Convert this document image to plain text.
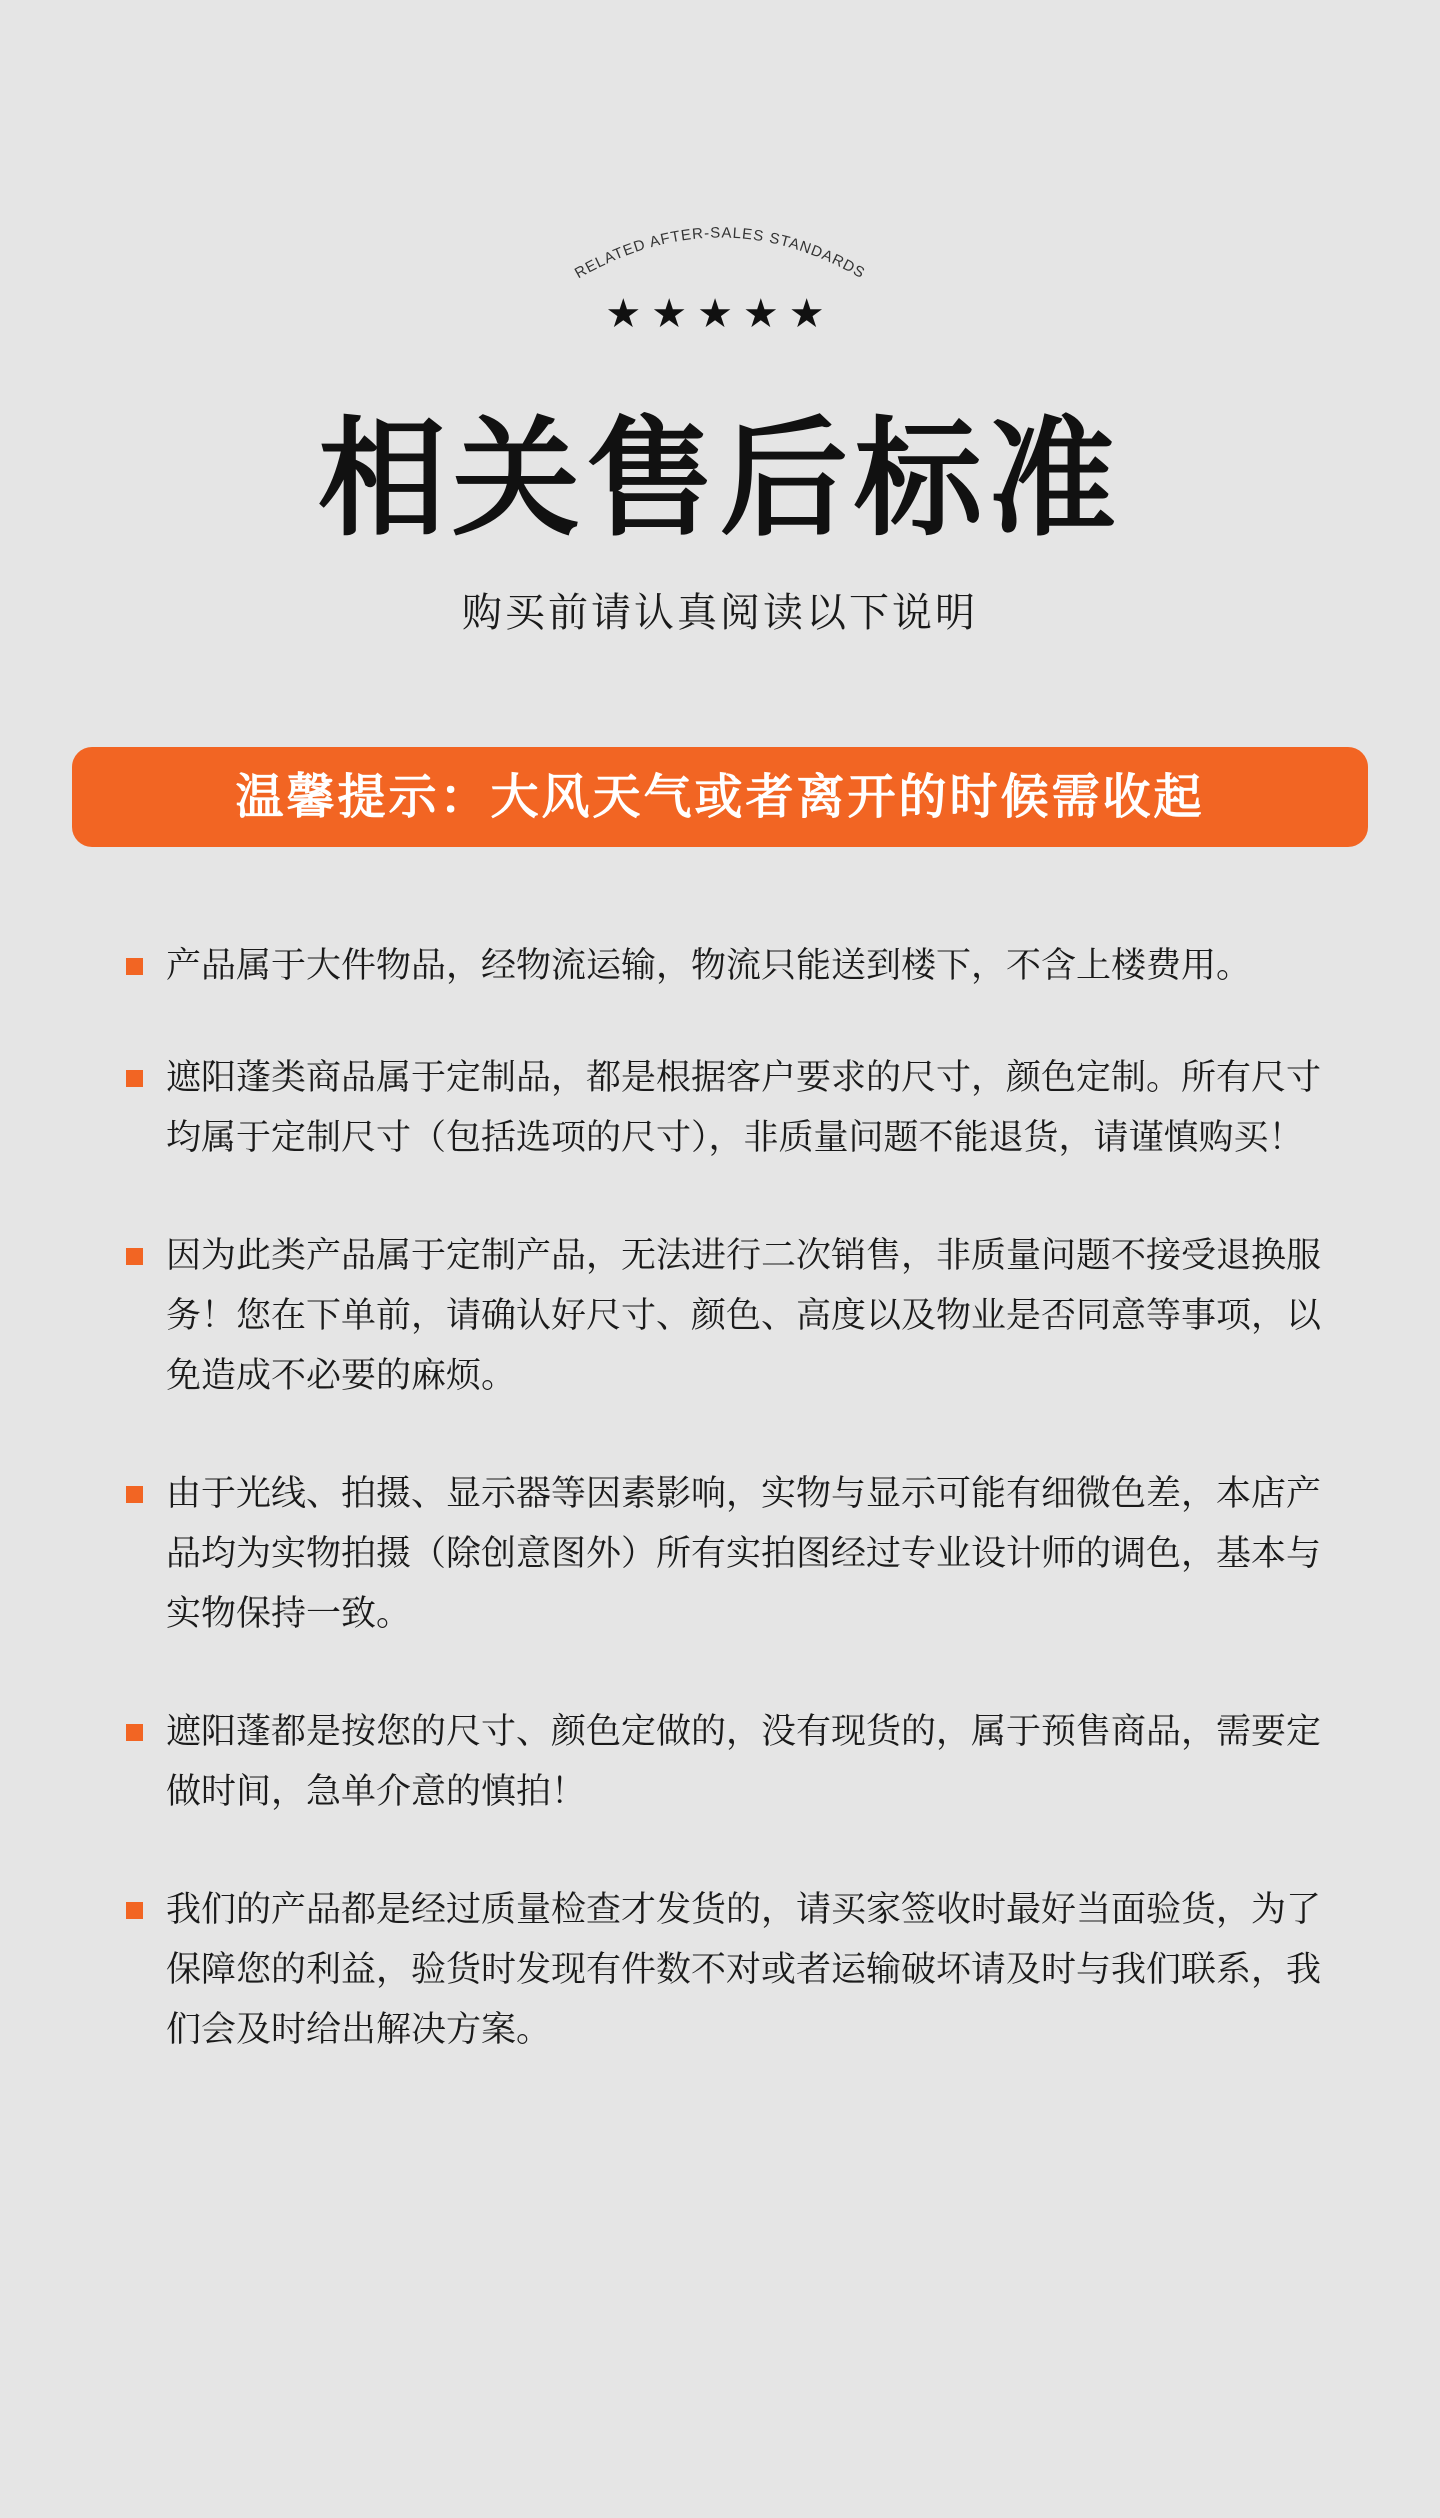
RELATED AFTER-SALES STANDARDS
★★★★★
相关售后标准
购买前请认真阅读以下说明
温馨提示：大风天气或者离开的时候需收起
产品属于大件物品，经物流运输，物流只能送到楼下，不含上楼费用。
遮阳蓬类商品属于定制品，都是根据客户要求的尺寸，颜色定制。所有尺寸均属于定制尺寸（包括选项的尺寸），非质量问题不能退货，请谨慎购买！
因为此类产品属于定制产品，无法进行二次销售，非质量问题不接受退换服务！您在下单前，请确认好尺寸、颜色、高度以及物业是否同意等事项，以免造成不必要的麻烦。
由于光线、拍摄、显示器等因素影响，实物与显示可能有细微色差，本店产品均为实物拍摄（除创意图外）所有实拍图经过专业设计师的调色，基本与实物保持一致。
遮阳蓬都是按您的尺寸、颜色定做的，没有现货的，属于预售商品，需要定做时间，急单介意的慎拍！
我们的产品都是经过质量检查才发货的，请买家签收时最好当面验货，为了保障您的利益，验货时发现有件数不对或者运输破坏请及时与我们联系，我们会及时给出解决方案。
